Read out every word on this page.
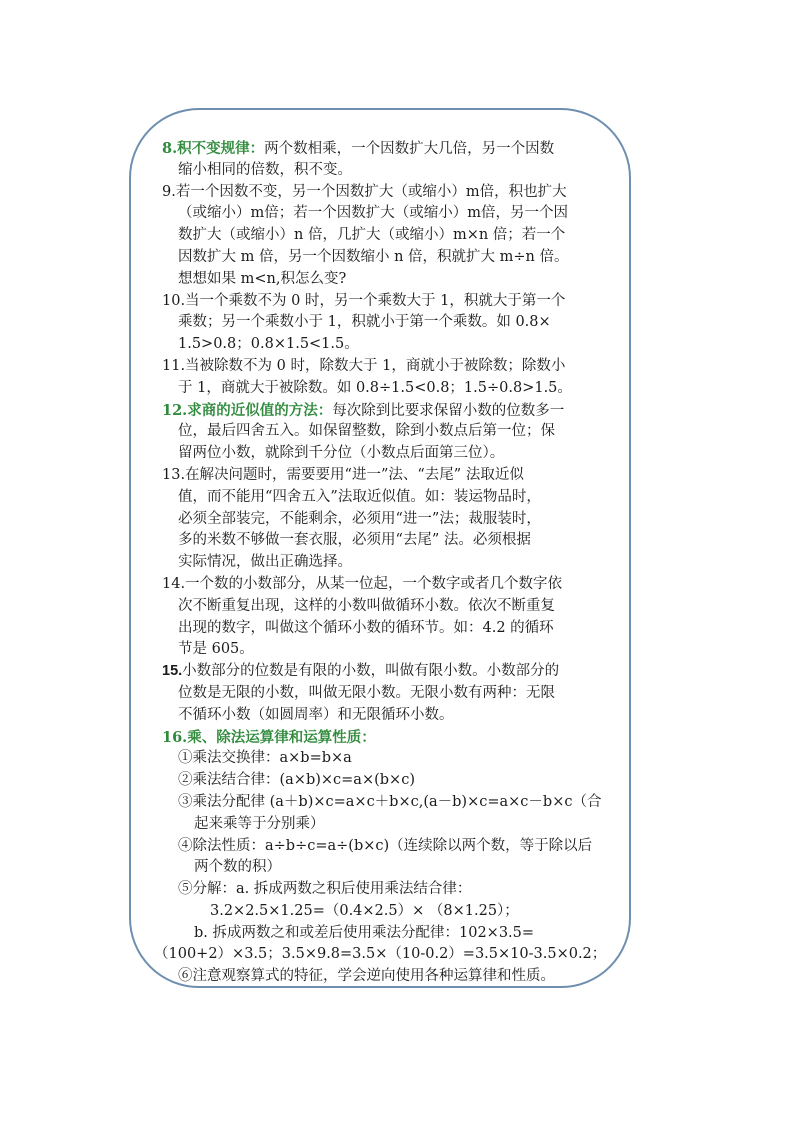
8.积不变规律：两个数相乘，一个因数扩大几倍，另一个因数
缩小相同的倍数，积不变。
9.若一个因数不变，另一个因数扩大（或缩小）m倍，积也扩大
（或缩小）m倍；若一个因数扩大（或缩小）m倍，另一个因
数扩大（或缩小）n 倍，几扩大（或缩小）m×n 倍；若一个
因数扩大 m 倍，另一个因数缩小 n 倍，积就扩大 m÷n 倍。
想想如果 m<n,积怎么变?
10.当一个乘数不为 0 时，另一个乘数大于 1，积就大于第一个
乘数；另一个乘数小于 1，积就小于第一个乘数。如 0.8×
1.5>0.8；0.8×1.5<1.5。
11.当被除数不为 0 时，除数大于 1，商就小于被除数；除数小
于 1，商就大于被除数。如 0.8÷1.5<0.8；1.5÷0.8>1.5。
12.求商的近似值的方法：每次除到比要求保留小数的位数多一
位，最后四舍五入。如保留整数，除到小数点后第一位；保
留两位小数，就除到千分位（小数点后面第三位）。
13.在解决问题时，需要要用“进一”法、“去尾” 法取近似
值，而不能用“四舍五入”法取近似值。如：装运物品时，
必须全部装完，不能剩余，必须用“进一”法；裁服装时，
多的米数不够做一套衣服，必须用“去尾” 法。必须根据
实际情况，做出正确选择。
14.一个数的小数部分，从某一位起，一个数字或者几个数字依
次不断重复出现，这样的小数叫做循环小数。依次不断重复
出现的数字，叫做这个循环小数的循环节。如：4.2 的循环
节是 605。
15.小数部分的位数是有限的小数，叫做有限小数。小数部分的
位数是无限的小数，叫做无限小数。无限小数有两种：无限
不循环小数（如圆周率）和无限循环小数。
16.乘、除法运算律和运算性质：
①乘法交换律：a×b=b×a
②乘法结合律：(a×b)×c=a×(b×c)
③乘法分配律 (a＋b)×c=a×c＋b×c,(a－b)×c=a×c－b×c（合
起来乘等于分别乘）
④除法性质：a÷b÷c=a÷(b×c)（连续除以两个数，等于除以后
两个数的积）
⑤分解：a. 拆成两数之积后使用乘法结合律：
3.2×2.5×1.25=（0.4×2.5）× （8×1.25）；
b. 拆成两数之和或差后使用乘法分配律：102×3.5=
（100+2）×3.5；3.5×9.8=3.5×（10-0.2）=3.5×10-3.5×0.2；
⑥注意观察算式的特征，学会逆向使用各种运算律和性质。
